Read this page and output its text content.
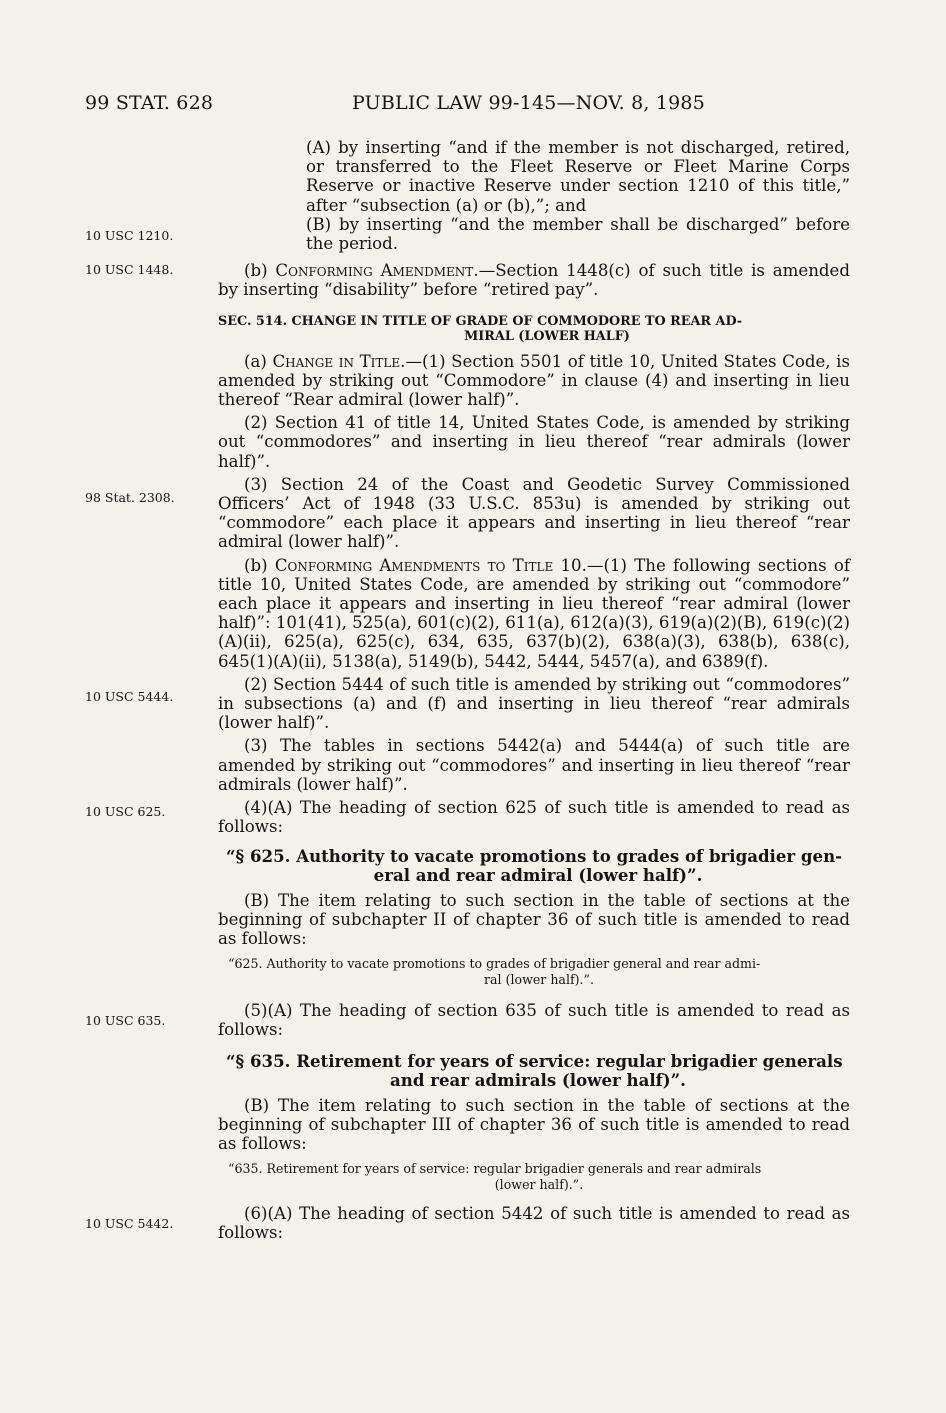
99 STAT. 628	PUBLIC LAW 99-145—NOV. 8, 1985
10 USC 1210.
10 USC 1448.
98 Stat. 2308.
10 USC 5444.
10 USC 625.
10 USC 635.
10 USC 5442.

(A) by inserting “and if the member is not discharged, retired, or transferred to the Fleet Reserve or Fleet Marine Corps Reserve or inactive Reserve under section 1210 of this title,” after “subsection (a) or (b),”; and

(B) by inserting “and the member shall be discharged” before the period.

(b) Conforming Amendment.—Section 1448(c) of such title is amended by inserting “disability” before “retired pay”.

SEC. 514. CHANGE IN TITLE OF GRADE OF COMMODORE TO REAR AD-
MIRAL (LOWER HALF)

(a) Change in Title.—(1) Section 5501 of title 10, United States Code, is amended by striking out “Commodore” in clause (4) and inserting in lieu thereof “Rear admiral (lower half)”.

(2) Section 41 of title 14, United States Code, is amended by striking out “commodores” and inserting in lieu thereof “rear admirals (lower half)”.

(3) Section 24 of the Coast and Geodetic Survey Commissioned Officers’ Act of 1948 (33 U.S.C. 853u) is amended by striking out “commodore” each place it appears and inserting in lieu thereof “rear admiral (lower half)”.

(b) Conforming Amendments to Title 10.—(1) The following sections of title 10, United States Code, are amended by striking out “commodore” each place it appears and inserting in lieu thereof “rear admiral (lower half)”: 101(41), 525(a), 601(c)(2), 611(a), 612(a)(3), 619(a)(2)(B), 619(c)(2)(A)(ii), 625(a), 625(c), 634, 635, 637(b)(2), 638(a)(3), 638(b), 638(c), 645(1)(A)(ii), 5138(a), 5149(b), 5442, 5444, 5457(a), and 6389(f).

(2) Section 5444 of such title is amended by striking out “commodores” in subsections (a) and (f) and inserting in lieu thereof “rear admirals (lower half)”.

(3) The tables in sections 5442(a) and 5444(a) of such title are amended by striking out “commodores” and inserting in lieu thereof “rear admirals (lower half)”.

(4)(A) The heading of section 625 of such title is amended to read as follows:

“§ 625. Authority to vacate promotions to grades of brigadier gen-
eral and rear admiral (lower half)”.

(B) The item relating to such section in the table of sections at the beginning of subchapter II of chapter 36 of such title is amended to read as follows:

“625. Authority to vacate promotions to grades of brigadier general and rear admi-
ral (lower half).”.

(5)(A) The heading of section 635 of such title is amended to read as follows:

“§ 635. Retirement for years of service: regular brigadier generals
and rear admirals (lower half)”.

(B) The item relating to such section in the table of sections at the beginning of subchapter III of chapter 36 of such title is amended to read as follows:

“635. Retirement for years of service: regular brigadier generals and rear admirals
(lower half).”.

(6)(A) The heading of section 5442 of such title is amended to read as follows:
